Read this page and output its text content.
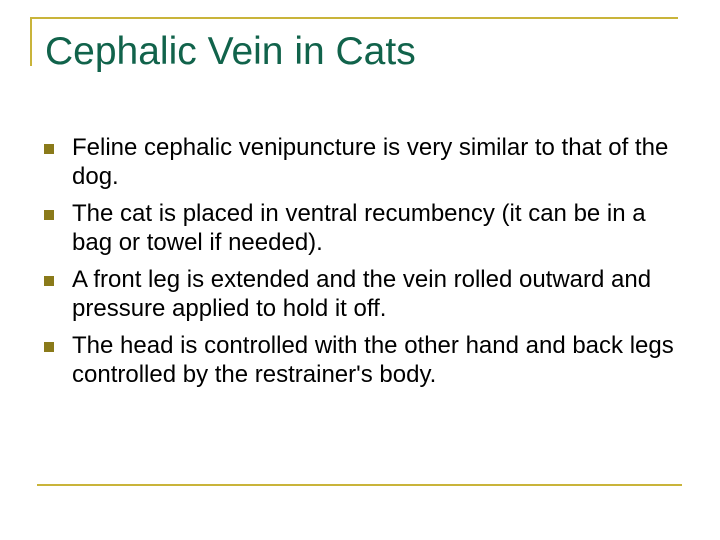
Cephalic Vein in Cats
Feline cephalic venipuncture is very similar to that of the dog.
The cat is placed in ventral recumbency (it can be in a bag or towel if needed).
A front leg is extended and the vein rolled outward and pressure applied to hold it off.
The head is controlled with the other hand and back legs controlled by the restrainer's body.
